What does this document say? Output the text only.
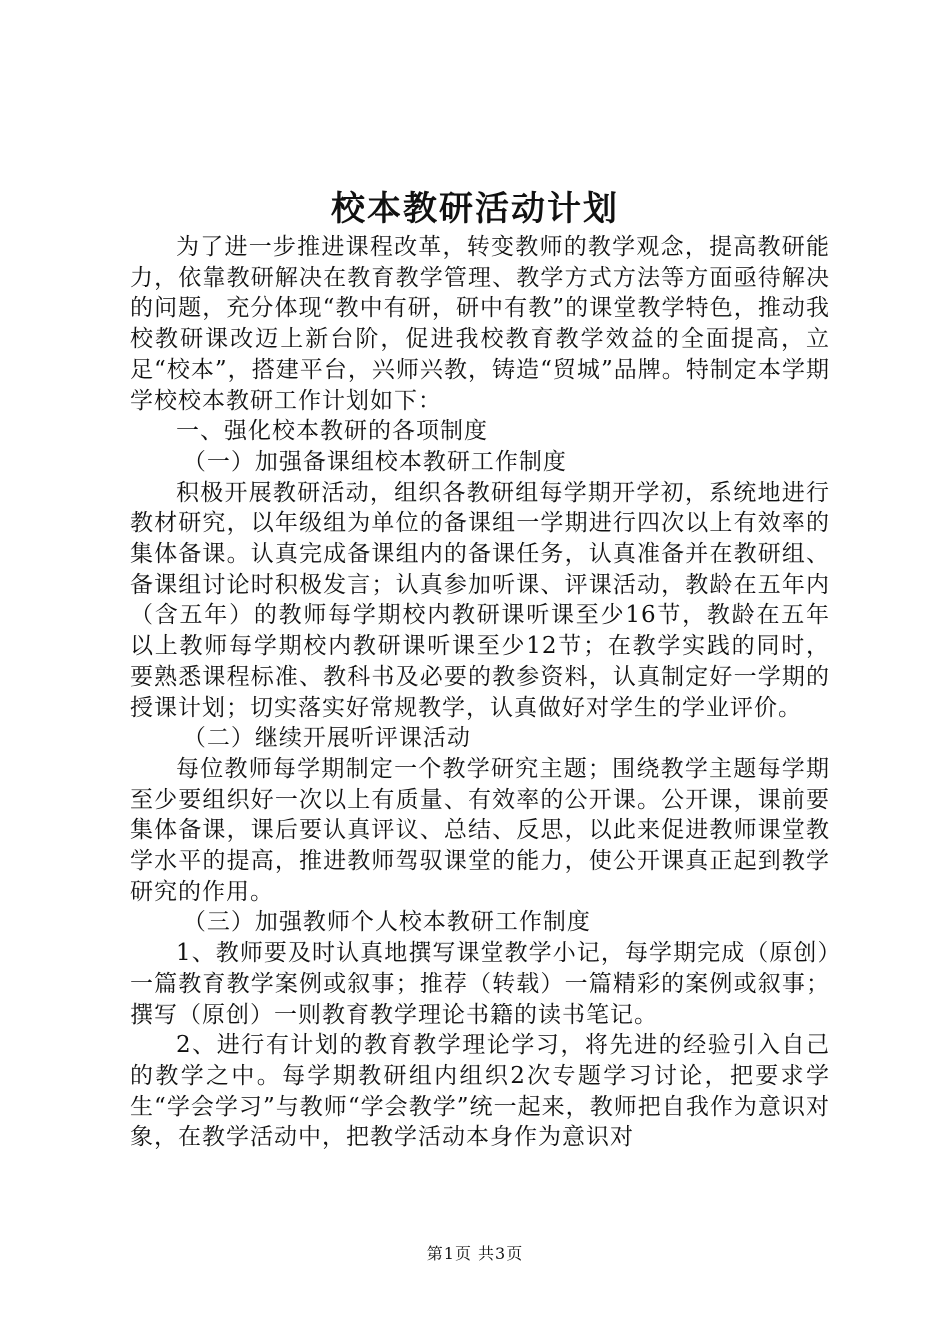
校本教研活动计划

为了进一步推进课程改革，转变教师的教学观念，提高教研能力，依靠教研解决在教育教学管理、教学方式方法等方面亟待解决的问题，充分体现“教中有研，研中有教”的课堂教学特色，推动我校教研课改迈上新台阶，促进我校教育教学效益的全面提高，立足“校本”，搭建平台，兴师兴教，铸造“贸城”品牌。特制定本学期学校校本教研工作计划如下：

一、强化校本教研的各项制度

（一）加强备课组校本教研工作制度

积极开展教研活动，组织各教研组每学期开学初，系统地进行教材研究，以年级组为单位的备课组一学期进行四次以上有效率的集体备课。认真完成备课组内的备课任务，认真准备并在教研组、备课组讨论时积极发言；认真参加听课、评课活动，教龄在五年内（含五年）的教师每学期校内教研课听课至少16节，教龄在五年以上教师每学期校内教研课听课至少12节；在教学实践的同时，要熟悉课程标准、教科书及必要的教参资料，认真制定好一学期的授课计划；切实落实好常规教学，认真做好对学生的学业评价。

（二）继续开展听评课活动

每位教师每学期制定一个教学研究主题；围绕教学主题每学期至少要组织好一次以上有质量、有效率的公开课。公开课，课前要集体备课，课后要认真评议、总结、反思，以此来促进教师课堂教学水平的提高，推进教师驾驭课堂的能力，使公开课真正起到教学研究的作用。

（三）加强教师个人校本教研工作制度

1、教师要及时认真地撰写课堂教学小记，每学期完成（原创）一篇教育教学案例或叙事；推荐（转载）一篇精彩的案例或叙事；撰写（原创）一则教育教学理论书籍的读书笔记。

2、进行有计划的教育教学理论学习，将先进的经验引入自己的教学之中。每学期教研组内组织2次专题学习讨论，把要求学生“学会学习”与教师“学会教学”统一起来，教师把自我作为意识对象，在教学活动中，把教学活动本身作为意识对

第1页 共3页
